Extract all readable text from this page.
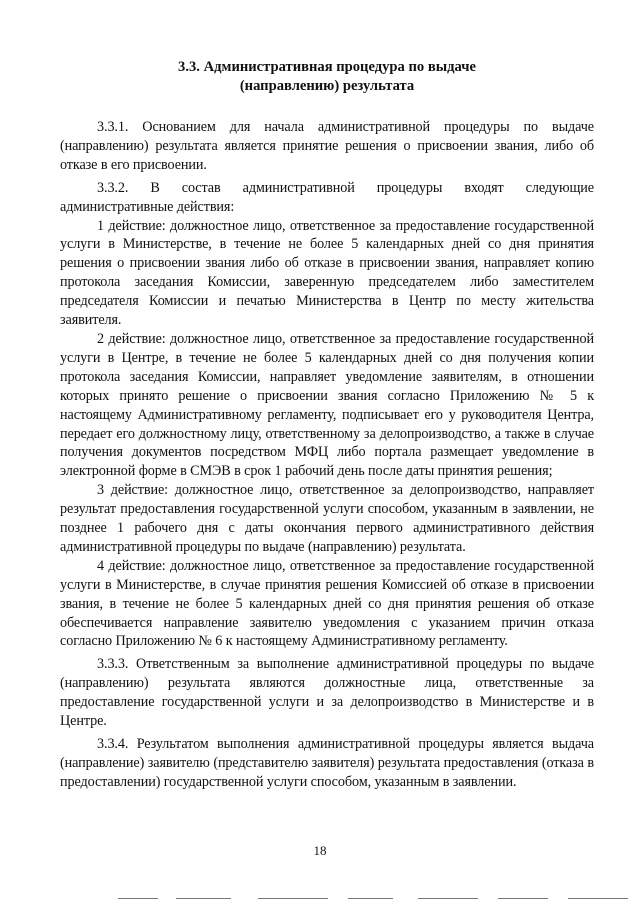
3.3. Административная процедура по выдаче
(направлению) результата

3.3.1. Основанием для начала административной процедуры по выдаче (направлению) результата является принятие решения о присвоении звания, либо об отказе в его присвоении.

3.3.2. В состав административной процедуры входят следующие административные действия:

1 действие: должностное лицо, ответственное за предоставление государственной услуги в Министерстве, в течение не более 5 календарных дней со дня принятия решения о присвоении звания либо об отказе в присвоении звания, направляет копию протокола заседания Комиссии, заверенную председателем либо заместителем председателя Комиссии и печатью Министерства в Центр по месту жительства заявителя.

2 действие: должностное лицо, ответственное за предоставление государственной услуги в Центре, в течение не более 5 календарных дней со дня получения копии протокола заседания Комиссии, направляет уведомление заявителям, в отношении которых принято решение о присвоении звания согласно Приложению № 5 к настоящему Административному регламенту, подписывает его у руководителя Центра, передает его должностному лицу, ответственному за делопроизводство, а также в случае получения документов посредством МФЦ либо портала размещает уведомление в электронной форме в СМЭВ в срок 1 рабочий день после даты принятия решения;

3 действие: должностное лицо, ответственное за делопроизводство, направляет результат предоставления государственной услуги способом, указанным в заявлении, не позднее 1 рабочего дня с даты окончания первого административного действия административной процедуры по выдаче (направлению) результата.

4 действие: должностное лицо, ответственное за предоставление государственной услуги в Министерстве, в случае принятия решения Комиссией об отказе в присвоении звания, в течение не более 5 календарных дней со дня принятия решения об отказе обеспечивается направление заявителю уведомления с указанием причин отказа согласно Приложению № 6 к настоящему Административному регламенту.

3.3.3. Ответственным за выполнение административной процедуры по выдаче (направлению) результата являются должностные лица, ответственные за предоставление государственной услуги и за делопроизводство в Министерстве и в Центре.

3.3.4. Результатом выполнения административной процедуры является выдача (направление) заявителю (представителю заявителя) результата предоставления (отказа в предоставлении) государственной услуги способом, указанным в заявлении.

18
